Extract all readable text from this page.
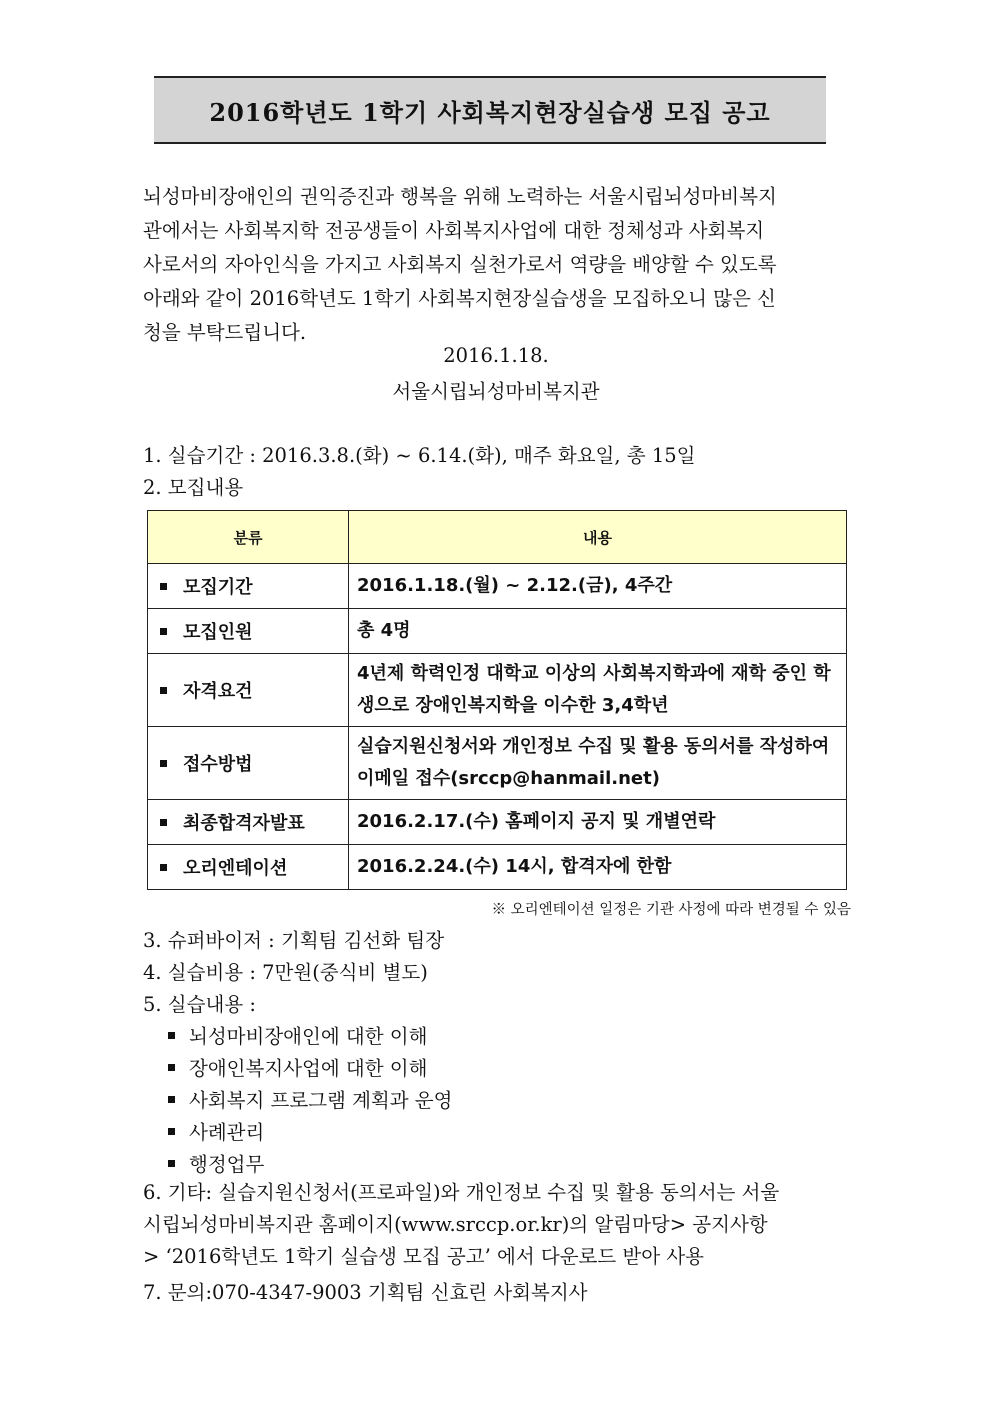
2016학년도 1학기 사회복지현장실습생 모집 공고

뇌성마비장애인의 권익증진과 행복을 위해 노력하는 서울시립뇌성마비복지

관에서는 사회복지학 전공생들이 사회복지사업에 대한 정체성과 사회복지

사로서의 자아인식을 가지고 사회복지 실천가로서 역량을 배양할 수 있도록

아래와 같이 2016학년도 1학기 사회복지현장실습생을 모집하오니 많은 신

청을 부탁드립니다.

2016.1.18.
서울시립뇌성마비복지관
1. 실습기간 : 2016.3.8.(화) ~ 6.14.(화), 매주 화요일, 총 15일
2. 모집내용
분류	내용
모집기간	2016.1.18.(월) ~ 2.12.(금), 4주간
모집인원	총 4명
자격요건	4년제 학력인정 대학교 이상의 사회복지학과에 재학 중인 학생으로 장애인복지학을 이수한 3,4학년
접수방법	실습지원신청서와 개인정보 수집 및 활용 동의서를 작성하여 이메일 접수(srccp@hanmail.net)
최종합격자발표	2016.2.17.(수) 홈페이지 공지 및 개별연락
오리엔테이션	2016.2.24.(수) 14시, 합격자에 한함
※ 오리엔테이션 일정은 기관 사정에 따라 변경될 수 있음
3. 슈퍼바이저 : 기획팀 김선화 팀장
4. 실습비용 : 7만원(중식비 별도)
5. 실습내용 :
뇌성마비장애인에 대한 이해
장애인복지사업에 대한 이해
사회복지 프로그램 계획과 운영
사례관리
행정업무
6. 기타: 실습지원신청서(프로파일)와 개인정보 수집 및 활용 동의서는 서울
시립뇌성마비복지관 홈페이지(www.srccp.or.kr)의 알림마당> 공지사항
> ‘2016학년도 1학기 실습생 모집 공고’ 에서 다운로드 받아 사용
7. 문의:070-4347-9003 기획팀 신효린 사회복지사
